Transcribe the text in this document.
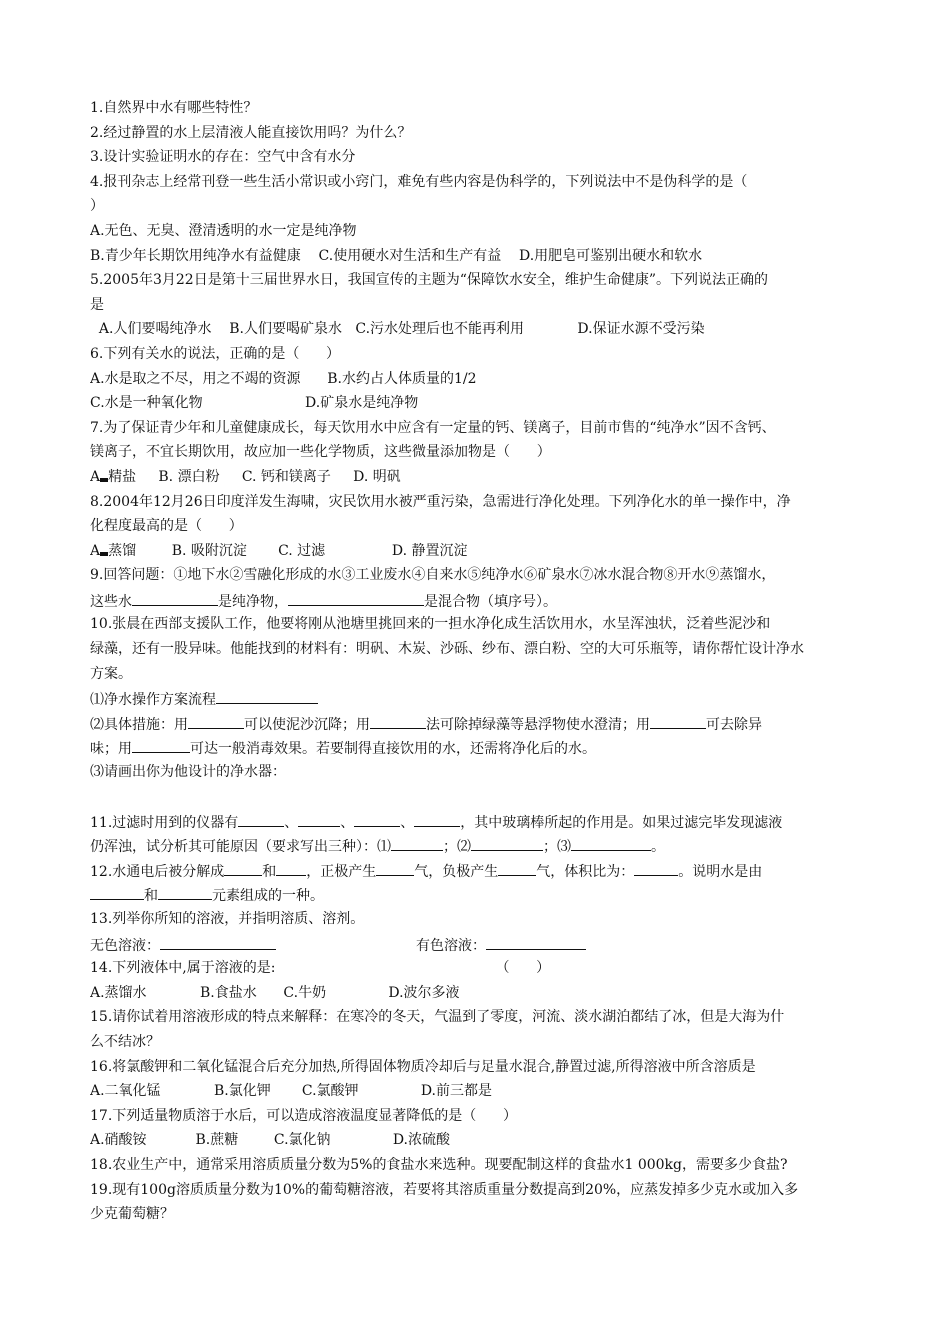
1.自然界中水有哪些特性？
2.经过静置的水上层清液人能直接饮用吗？为什么？
3.设计实验证明水的存在：空气中含有水分
4.报刊杂志上经常刊登一些生活小常识或小窍门，难免有些内容是伪科学的，下列说法中不是伪科学的是（
）
A.无色、无臭、澄清透明的水一定是纯净物
B.青少年长期饮用纯净水有益健康    C.使用硬水对生活和生产有益    D.用肥皂可鉴别出硬水和软水
5.2005年3月22日是第十三届世界水日，我国宣传的主题为“保障饮水安全，维护生命健康”。下列说法正确的
是
A.人们要喝纯净水    B.人们要喝矿泉水   C.污水处理后也不能再利用            D.保证水源不受污染
6.下列有关水的说法，正确的是（      ）
A.水是取之不尽，用之不竭的资源      B.水约占人体质量的1/2
C.水是一种氧化物                       D.矿泉水是纯净物
7.为了保证青少年和儿童健康成长，每天饮用水中应含有一定量的钙、镁离子，目前市售的“纯净水”因不含钙、
镁离子，不宜长期饮用，故应加一些化学物质，这些微量添加物是（      ）
A 精盐     B. 漂白粉     C. 钙和镁离子     D. 明矾
8.2004年12月26日印度洋发生海啸，灾民饮用水被严重污染，急需进行净化处理。下列净化水的单一操作中，净
化程度最高的是（      ）
A 蒸馏        B. 吸附沉淀       C. 过滤               D. 静置沉淀
9.回答问题：①地下水②雪融化形成的水③工业废水④自来水⑤纯净水⑥矿泉水⑦冰水混合物⑧开水⑨蒸馏水，
这些水	是纯净物，	是混合物（填序号）。
10.张晨在西部支援队工作，他要将刚从池塘里挑回来的一担水净化成生活饮用水，水呈浑浊状，泛着些泥沙和
绿藻，还有一股异味。他能找到的材料有：明矾、木炭、沙砾、纱布、漂白粉、空的大可乐瓶等，请你帮忙设计净水
方案。
⑴净水操作方案流程
⑵具体措施：用	可以使泥沙沉降；用	法可除掉绿藻等悬浮物使水澄清；用	可去除异
味；用	可达一般消毒效果。若要制得直接饮用的水，还需将净化后的水。
⑶请画出你为他设计的净水器：
11.过滤时用到的仪器有	、	、	、	，其中玻璃棒所起的作用是。如果过滤完毕发现滤液
仍浑浊，试分析其可能原因（要求写出三种）：⑴	；⑵	；⑶	。
12.水通电后被分解成	和 ，正极产生	气，负极产生	气，体积比为：	。说明水是由
和	元素组成的一种。
13.列举你所知的溶液，并指明溶质、溶剂。
无色溶液：	有色溶液：
14.下列液体中,属于溶液的是:	（      ）
A.蒸馏水            B.食盐水      C.牛奶              D.波尔多液
15.请你试着用溶液形成的特点来解释：在寒冷的冬天，气温到了零度，河流、淡水湖泊都结了冰，但是大海为什
么不结冰？
16.将氯酸钾和二氧化锰混合后充分加热,所得固体物质冷却后与足量水混合,静置过滤,所得溶液中所含溶质是
A.二氧化锰            B.氯化钾       C.氯酸钾              D.前三都是
17.下列适量物质溶于水后，可以造成溶液温度显著降低的是（      ）
A.硝酸铵           B.蔗糖        C.氯化钠              D.浓硫酸
18.农业生产中，通常采用溶质质量分数为5%的食盐水来选种。现要配制这样的食盐水1 000kg，需要多少食盐?
19.现有100g溶质质量分数为10%的葡萄糖溶液，若要将其溶质重量分数提高到20%，应蒸发掉多少克水或加入多
少克葡萄糖？
